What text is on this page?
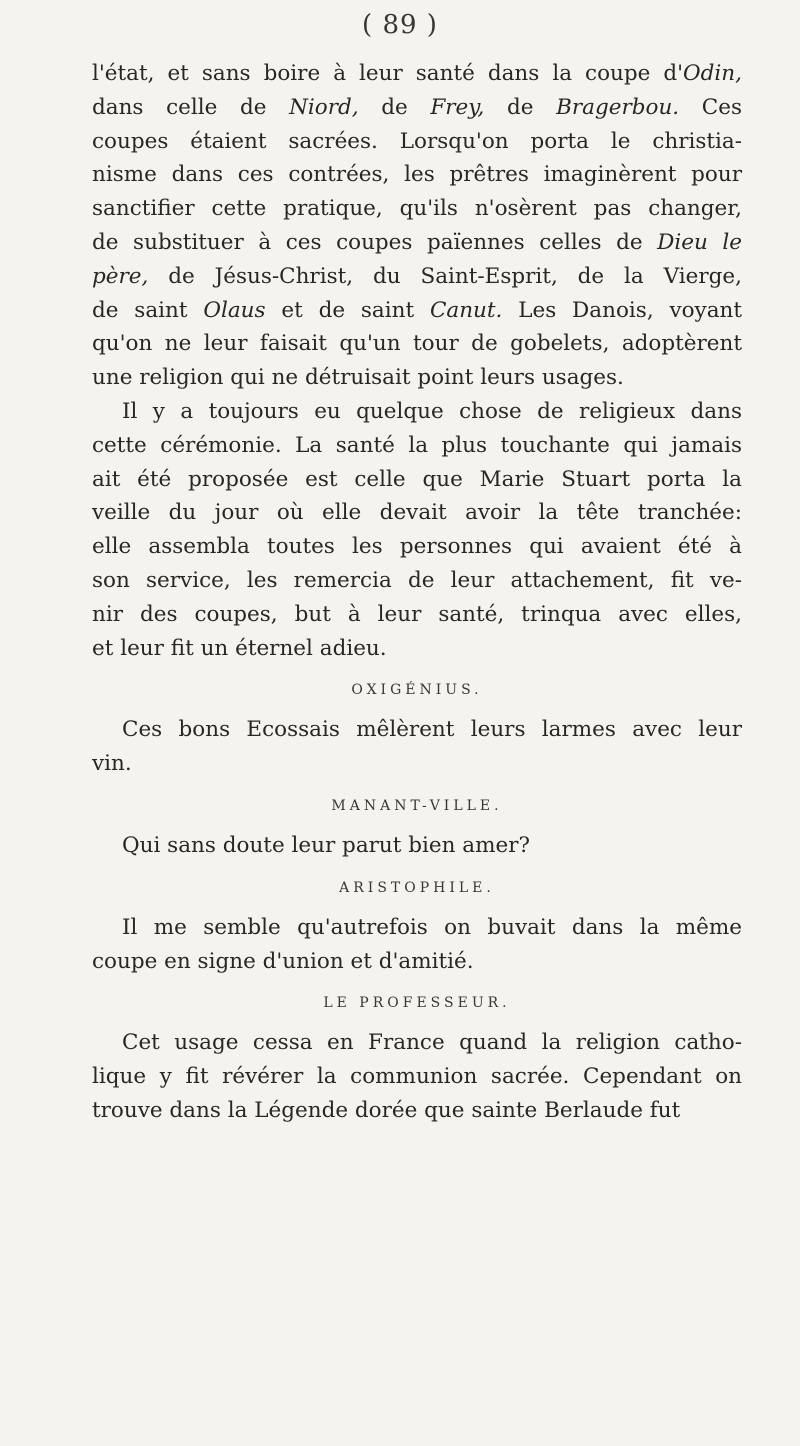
( 89 )
l'état, et sans boire à leur santé dans la coupe d'Odin,
dans celle de Niord, de Frey, de Bragerbou. Ces
coupes étaient sacrées. Lorsqu'on porta le christia-
nisme dans ces contrées, les prêtres imaginèrent pour
sanctifier cette pratique, qu'ils n'osèrent pas changer,
de substituer à ces coupes païennes celles de Dieu le
père, de Jésus-Christ, du Saint-Esprit, de la Vierge,
de saint Olaus et de saint Canut. Les Danois, voyant
qu'on ne leur faisait qu'un tour de gobelets, adoptèrent
une religion qui ne détruisait point leurs usages.
Il y a toujours eu quelque chose de religieux dans
cette cérémonie. La santé la plus touchante qui jamais
ait été proposée est celle que Marie Stuart porta la
veille du jour où elle devait avoir la tête tranchée:
elle assembla toutes les personnes qui avaient été à
son service, les remercia de leur attachement, fit ve-
nir des coupes, but à leur santé, trinqua avec elles,
et leur fit un éternel adieu.
OXIGÉNIUS.
Ces bons Ecossais mêlèrent leurs larmes avec leur
vin.
MANANT-VILLE.
Qui sans doute leur parut bien amer?
ARISTOPHILE.
Il me semble qu'autrefois on buvait dans la même
coupe en signe d'union et d'amitié.
LE PROFESSEUR.
Cet usage cessa en France quand la religion catho-
lique y fit révérer la communion sacrée. Cependant on
trouve dans la Légende dorée que sainte Berlaude fut
